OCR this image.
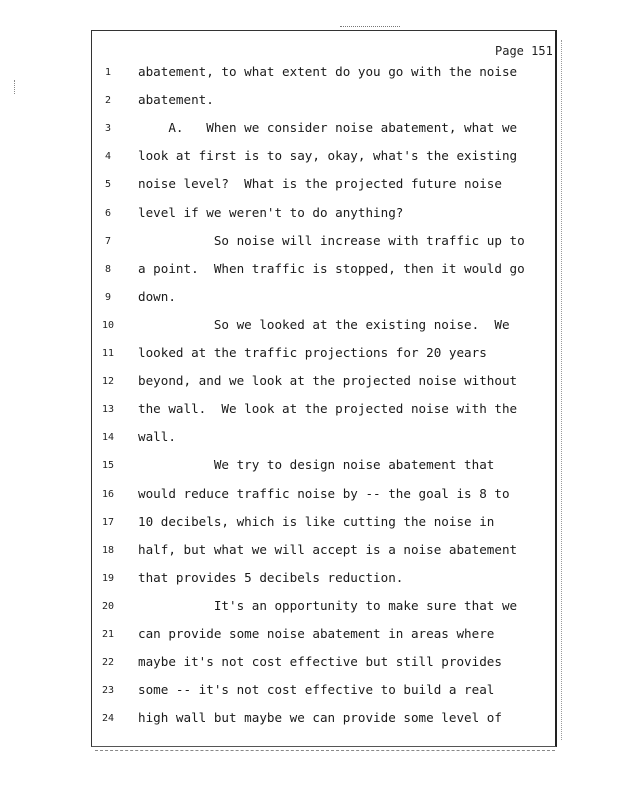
Page 151
1	abatement, to what extent do you go with the noise
2	abatement.
3	A.   When we consider noise abatement, what we
4	look at first is to say, okay, what's the existing
5	noise level?  What is the projected future noise
6	level if we weren't to do anything?
7	So noise will increase with traffic up to
8	a point.  When traffic is stopped, then it would go
9	down.
10	So we looked at the existing noise.  We
11	looked at the traffic projections for 20 years
12	beyond, and we look at the projected noise without
13	the wall.  We look at the projected noise with the
14	wall.
15	We try to design noise abatement that
16	would reduce traffic noise by -- the goal is 8 to
17	10 decibels, which is like cutting the noise in
18	half, but what we will accept is a noise abatement
19	that provides 5 decibels reduction.
20	It's an opportunity to make sure that we
21	can provide some noise abatement in areas where
22	maybe it's not cost effective but still provides
23	some -- it's not cost effective to build a real
24	high wall but maybe we can provide some level of
